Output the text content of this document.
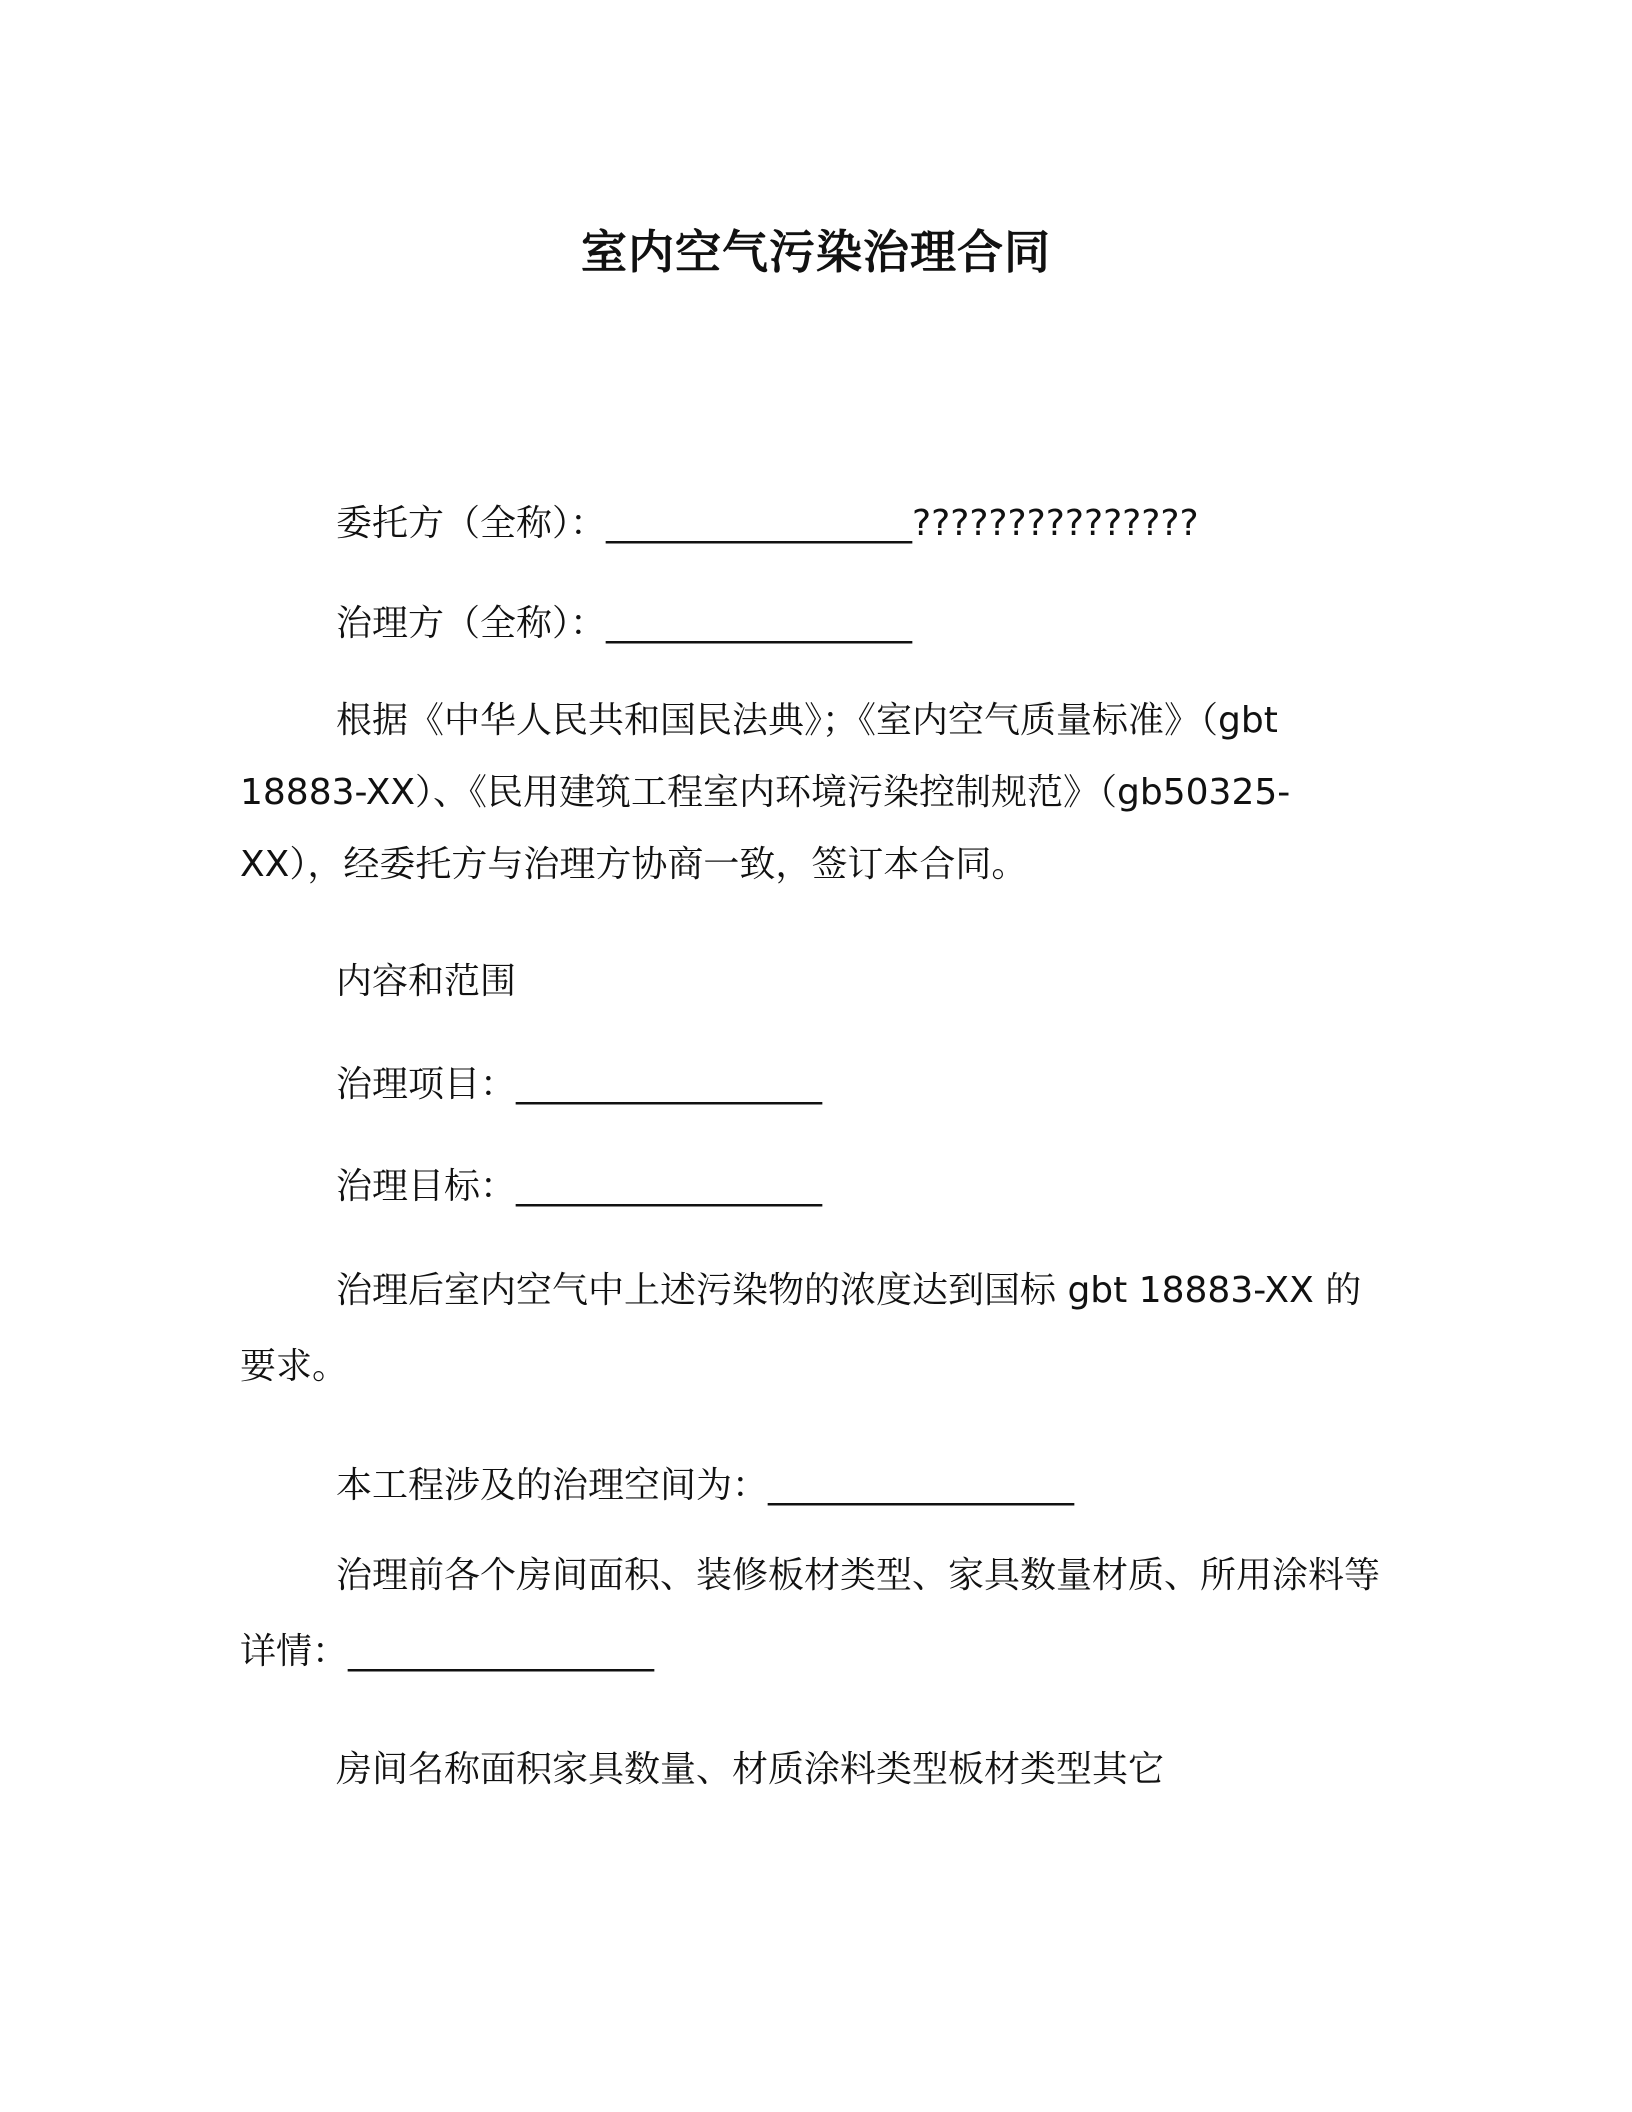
室内空气污染治理合同
委托方（全称）：_________________???????????????
治理方（全称）：_________________
根据《中华人民共和国民法典》；《室内空气质量标准》（gbt 18883-XX）、《民用建筑工程室内环境污染控制规范》（gb50325-XX），经委托方与治理方协商一致，签订本合同。
内容和范围
治理项目：_________________
治理目标：_________________
治理后室内空气中上述污染物的浓度达到国标 gbt 18883-XX 的要求。
本工程涉及的治理空间为：_________________
治理前各个房间面积、装修板材类型、家具数量材质、所用涂料等详情：_________________
房间名称面积家具数量、材质涂料类型板材类型其它
